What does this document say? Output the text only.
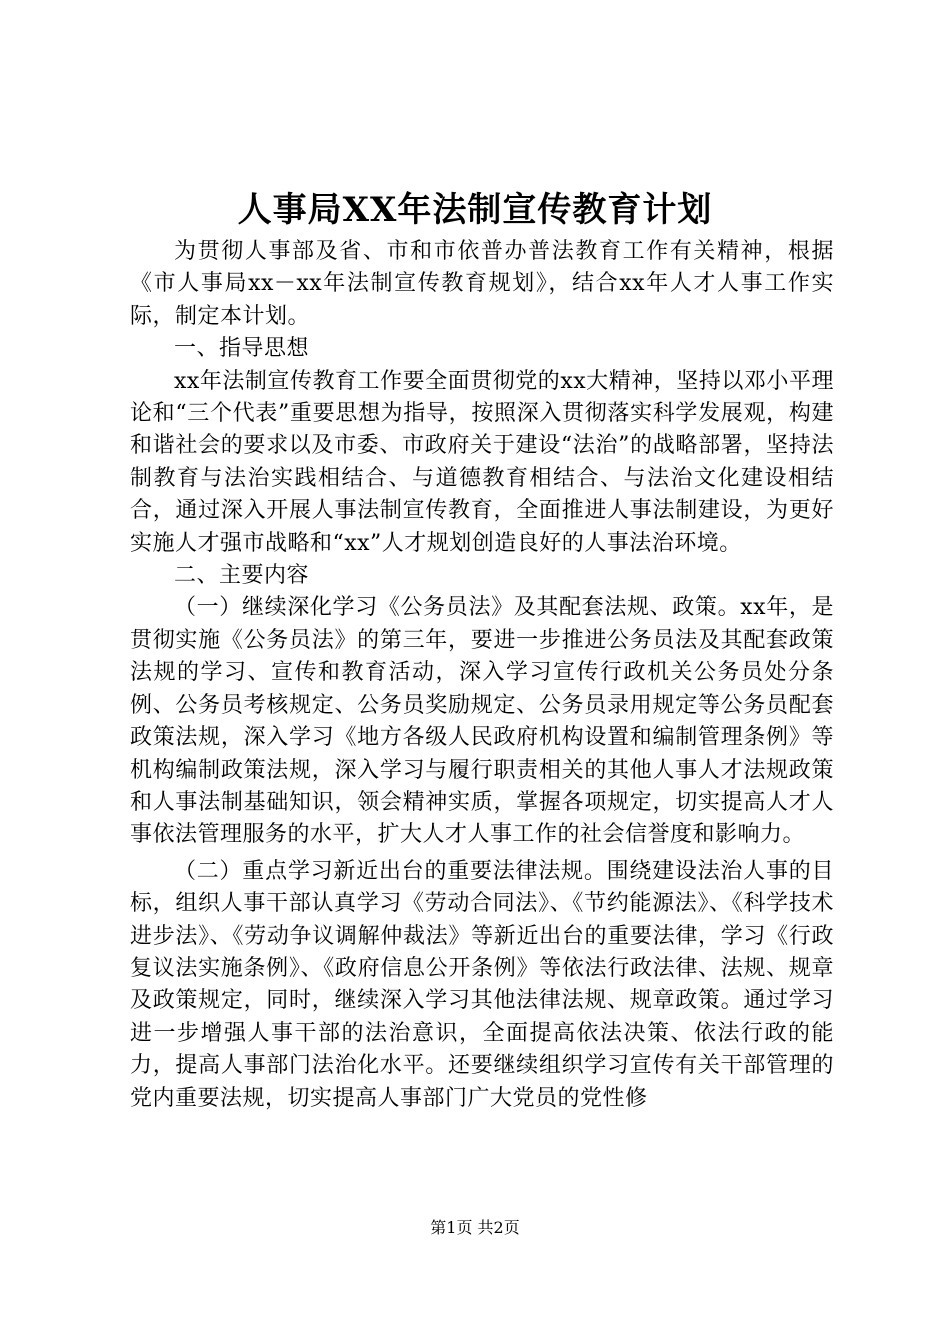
人事局XX年法制宣传教育计划

为贯彻人事部及省、市和市依普办普法教育工作有关精神，根据《市人事局xx－xx年法制宣传教育规划》，结合xx年人才人事工作实际，制定本计划。

一、指导思想

xx年法制宣传教育工作要全面贯彻党的xx大精神，坚持以邓小平理论和“三个代表”重要思想为指导，按照深入贯彻落实科学发展观，构建和谐社会的要求以及市委、市政府关于建设“法治”的战略部署，坚持法制教育与法治实践相结合、与道德教育相结合、与法治文化建设相结合，通过深入开展人事法制宣传教育，全面推进人事法制建设，为更好实施人才强市战略和“xx”人才规划创造良好的人事法治环境。

二、主要内容

（一）继续深化学习《公务员法》及其配套法规、政策。xx年，是贯彻实施《公务员法》的第三年，要进一步推进公务员法及其配套政策法规的学习、宣传和教育活动，深入学习宣传行政机关公务员处分条例、公务员考核规定、公务员奖励规定、公务员录用规定等公务员配套政策法规，深入学习《地方各级人民政府机构设置和编制管理条例》等机构编制政策法规，深入学习与履行职责相关的其他人事人才法规政策和人事法制基础知识，领会精神实质，掌握各项规定，切实提高人才人事依法管理服务的水平，扩大人才人事工作的社会信誉度和影响力。

（二）重点学习新近出台的重要法律法规。围绕建设法治人事的目标，组织人事干部认真学习《劳动合同法》、《节约能源法》、《科学技术进步法》、《劳动争议调解仲裁法》等新近出台的重要法律，学习《行政复议法实施条例》、《政府信息公开条例》等依法行政法律、法规、规章及政策规定，同时，继续深入学习其他法律法规、规章政策。通过学习进一步增强人事干部的法治意识，全面提高依法决策、依法行政的能力，提高人事部门法治化水平。还要继续组织学习宣传有关干部管理的党内重要法规，切实提高人事部门广大党员的党性修

第1页 共2页
